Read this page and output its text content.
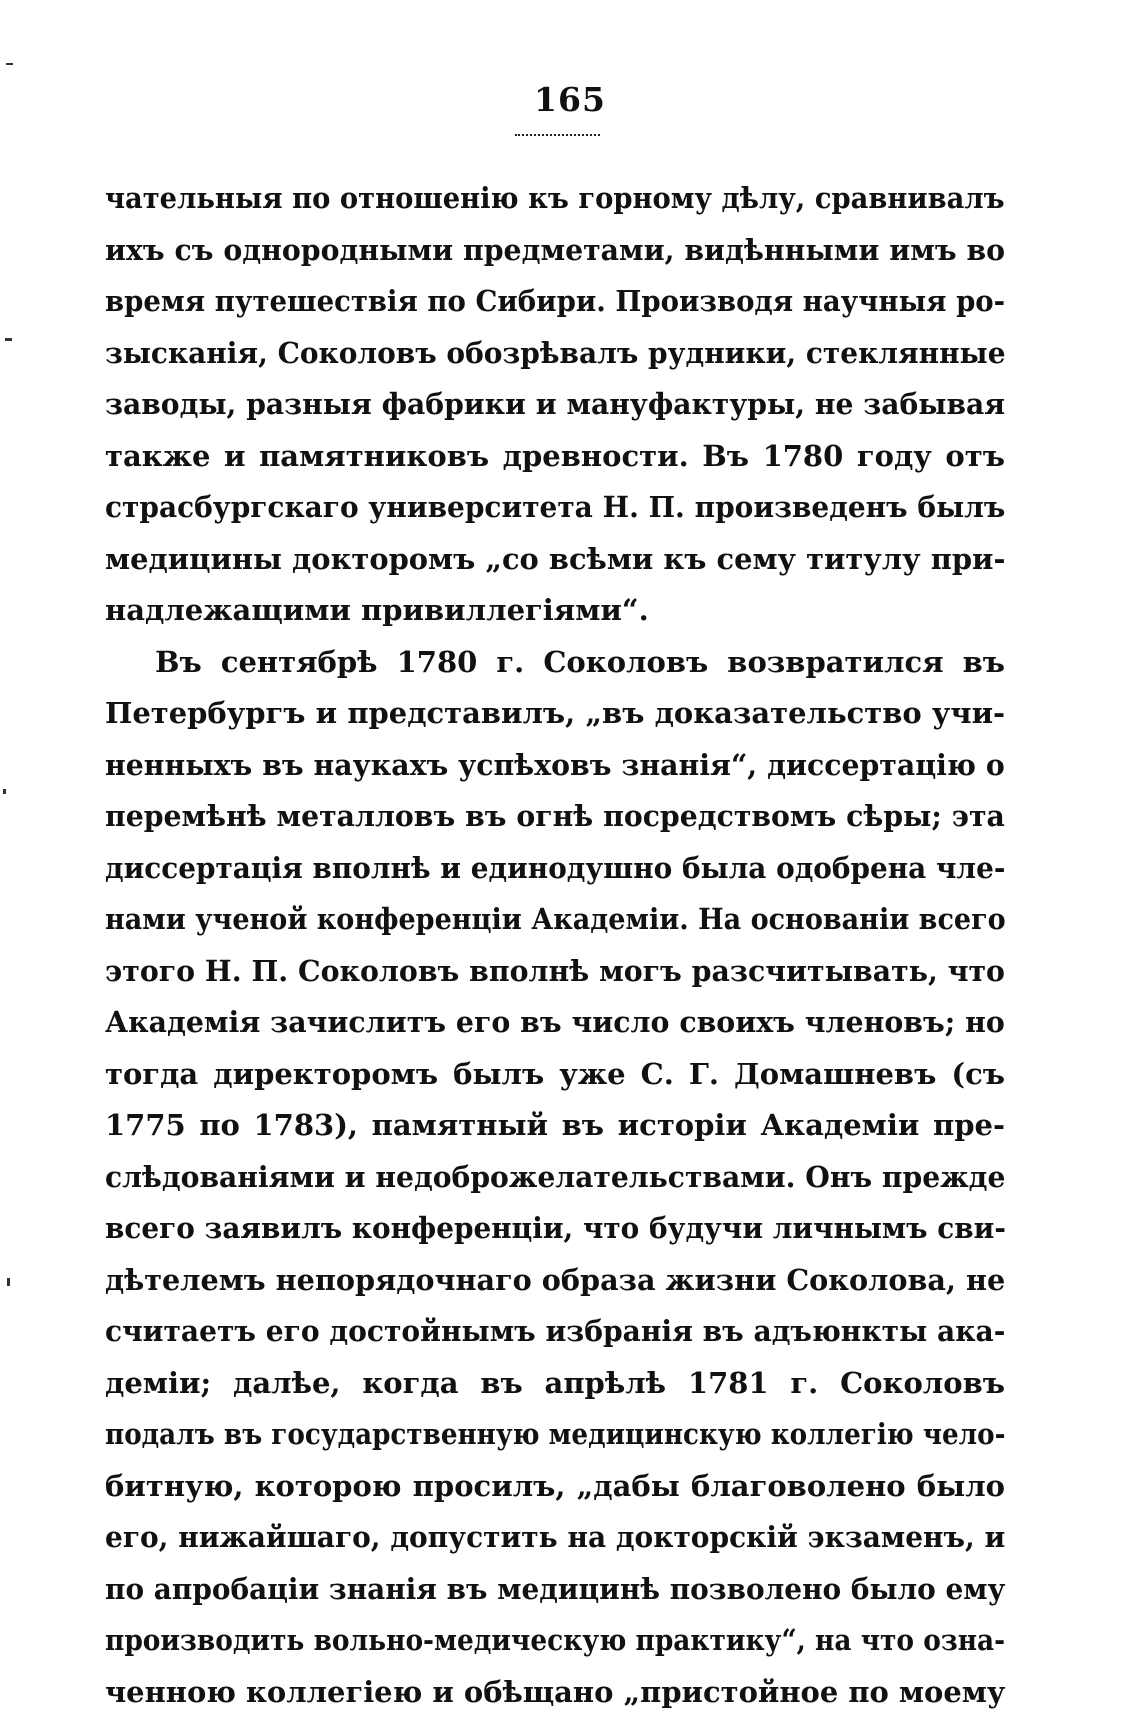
165
чательныя по отношенію къ горному дѣлу, сравнивалъ
ихъ съ однородными предметами, видѣнными имъ во
время путешествія по Сибири. Производя научныя ро-
зысканія, Соколовъ обозрѣвалъ рудники, стеклянные
заводы, разныя фабрики и мануфактуры, не забывая
также и памятниковъ древности. Въ 1780 году отъ
страсбургскаго университета Н. П. произведенъ былъ
медицины докторомъ „со всѣми къ сему титулу при-
надлежащими привиллегіями“.
Въ сентябрѣ 1780 г. Соколовъ возвратился въ
Петербургъ и представилъ, „въ доказательство учи-
ненныхъ въ наукахъ успѣховъ знанія“, диссертацію о
перемѣнѣ металловъ въ огнѣ посредствомъ сѣры; эта
диссертація вполнѣ и единодушно была одобрена чле-
нами ученой конференціи Академіи. На основаніи всего
этого Н. П. Соколовъ вполнѣ могъ разсчитывать, что
Академія зачислитъ его въ число своихъ членовъ; но
тогда директоромъ былъ уже С. Г. Домашневъ (съ
1775 по 1783), памятный въ исторіи Академіи пре-
слѣдованіями и недоброжелательствами. Онъ прежде
всего заявилъ конференціи, что будучи личнымъ сви-
дѣтелемъ непорядочнаго образа жизни Соколова, не
считаетъ его достойнымъ избранія въ адъюнкты ака-
деміи; далѣе, когда въ апрѣлѣ 1781 г. Соколовъ
подалъ въ государственную медицинскую коллегію чело-
битную, которою просилъ, „дабы благоволено было
его, нижайшаго, допустить на докторскій экзаменъ, и
по апробаціи знанія въ медицинѣ позволено было ему
производить вольно-медическую практику“, на что озна-
ченною коллегіею и обѣщано „пристойное по моему
